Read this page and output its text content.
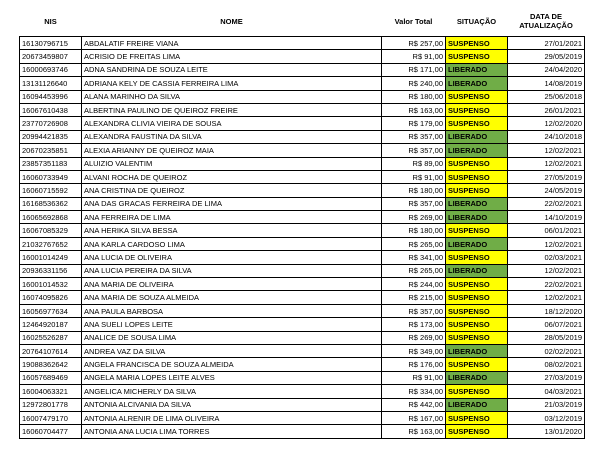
NIS	NOME	Valor Total	SITUAÇÃO	DATA DE
ATUALIZAÇÃO
16130796715	ABDALATIF FREIRE VIANA	R$ 257,00	SUSPENSO	27/01/2021
20673459807	ACRISIO DE FREITAS LIMA	R$ 91,00	SUSPENSO	29/05/2019
16000693746	ADNA SANDRINA DE SOUZA LEITE	R$ 171,00	LIBERADO	24/04/2020
13131126640	ADRIANA KELY DE CASSIA FERREIRA LIMA	R$ 240,00	LIBERADO	14/08/2019
16094453996	ALANA MARINHO DA SILVA	R$ 180,00	SUSPENSO	25/06/2018
16067610438	ALBERTINA PAULINO DE QUEIROZ FREIRE	R$ 163,00	SUSPENSO	26/01/2021
23770726908	ALEXANDRA CLIVIA VIEIRA DE SOUSA	R$ 179,00	SUSPENSO	12/02/2020
20994421835	ALEXANDRA FAUSTINA DA SILVA	R$ 357,00	LIBERADO	24/10/2018
20670235851	ALEXIA ARIANNY DE QUEIROZ MAIA	R$ 357,00	LIBERADO	12/02/2021
23857351183	ALUIZIO VALENTIM	R$ 89,00	SUSPENSO	12/02/2021
16060733949	ALVANI ROCHA DE QUEIROZ	R$ 91,00	SUSPENSO	27/05/2019
16060715592	ANA CRISTINA DE QUEIROZ	R$ 180,00	SUSPENSO	24/05/2019
16168536362	ANA DAS GRACAS FERREIRA DE LIMA	R$ 357,00	LIBERADO	22/02/2021
16065692868	ANA FERREIRA DE LIMA	R$ 269,00	LIBERADO	14/10/2019
16067085329	ANA HERIKA SILVA BESSA	R$ 180,00	SUSPENSO	06/01/2021
21032767652	ANA KARLA CARDOSO LIMA	R$ 265,00	LIBERADO	12/02/2021
16001014249	ANA LUCIA DE OLIVEIRA	R$ 341,00	SUSPENSO	02/03/2021
20936331156	ANA LUCIA PEREIRA DA SILVA	R$ 265,00	LIBERADO	12/02/2021
16001014532	ANA MARIA DE OLIVEIRA	R$ 244,00	SUSPENSO	22/02/2021
16074095826	ANA MARIA DE SOUZA ALMEIDA	R$ 215,00	SUSPENSO	12/02/2021
16056977634	ANA PAULA BARBOSA	R$ 357,00	SUSPENSO	18/12/2020
12464920187	ANA SUELI LOPES LEITE	R$ 173,00	SUSPENSO	06/07/2021
16025526287	ANALICE DE SOUSA LIMA	R$ 269,00	SUSPENSO	28/05/2019
20764107614	ANDREA VAZ DA SILVA	R$ 349,00	LIBERADO	02/02/2021
19088362642	ANGELA FRANCISCA DE SOUZA ALMEIDA	R$ 176,00	SUSPENSO	08/02/2021
16057689469	ANGELA MARIA LOPES LEITE ALVES	R$ 91,00	LIBERADO	27/03/2019
16004063321	ANGELICA MICHERLY DA SILVA	R$ 334,00	SUSPENSO	04/03/2021
12972801778	ANTONIA ALCIVANIA DA SILVA	R$ 442,00	LIBERADO	21/03/2019
16007479170	ANTONIA ALRENIR DE LIMA OLIVEIRA	R$ 167,00	SUSPENSO	03/12/2019
16060704477	ANTONIA ANA LUCIA LIMA TORRES	R$ 163,00	SUSPENSO	13/01/2020
